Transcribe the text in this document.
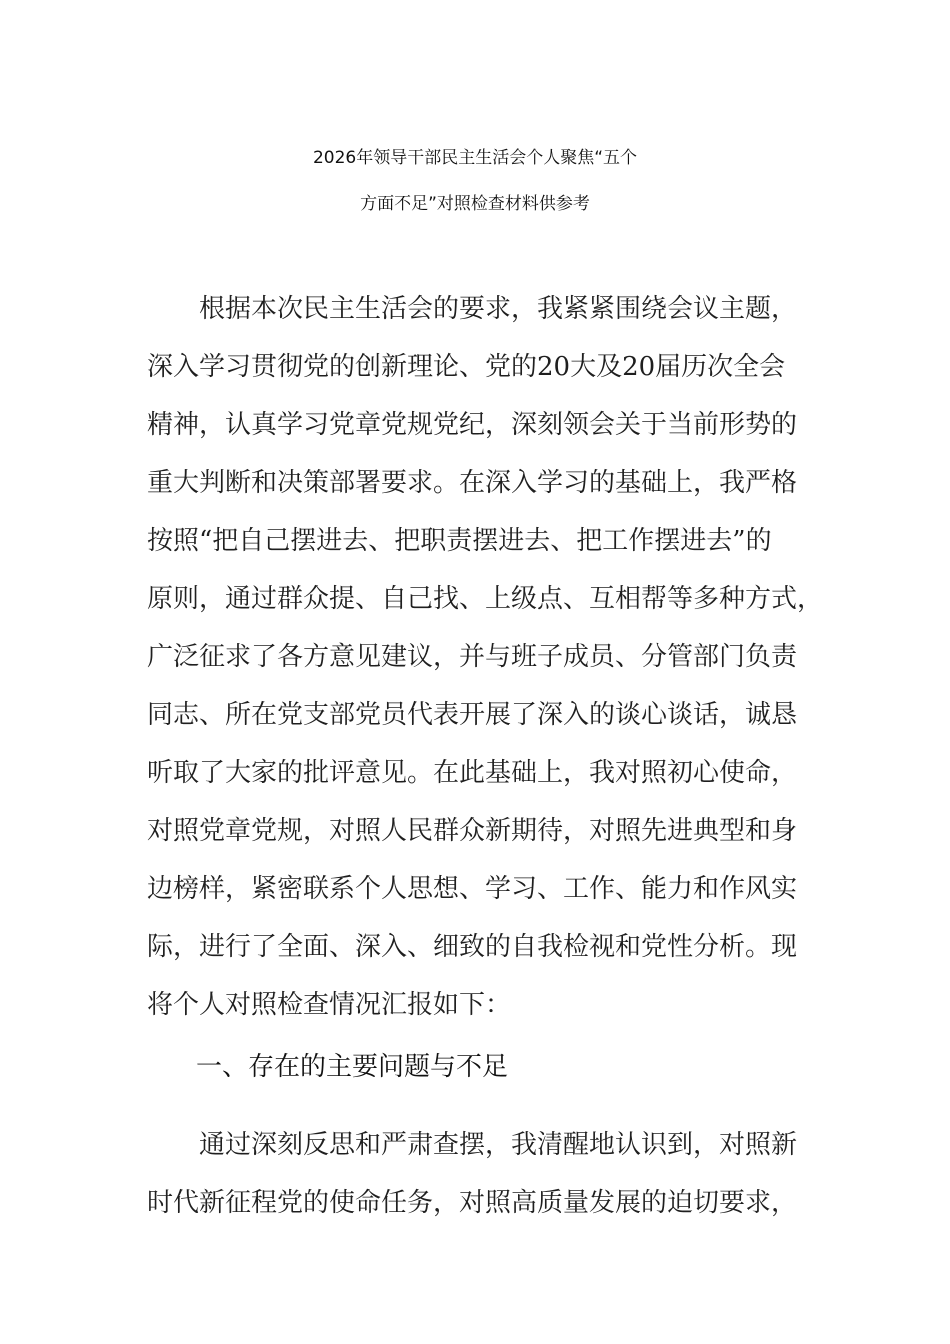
2026年领导干部民主生活会个人聚焦“五个
方面不足”对照检查材料供参考
根据本次民主生活会的要求，我紧紧围绕会议主题，
深入学习贯彻党的创新理论、党的20大及20届历次全会
精神，认真学习党章党规党纪，深刻领会关于当前形势的
重大判断和决策部署要求。在深入学习的基础上，我严格
按照“把自己摆进去、把职责摆进去、把工作摆进去”的
原则，通过群众提、自己找、上级点、互相帮等多种方式，
广泛征求了各方意见建议，并与班子成员、分管部门负责
同志、所在党支部党员代表开展了深入的谈心谈话，诚恳
听取了大家的批评意见。在此基础上，我对照初心使命，
对照党章党规，对照人民群众新期待，对照先进典型和身
边榜样，紧密联系个人思想、学习、工作、能力和作风实
际，进行了全面、深入、细致的自我检视和党性分析。现
将个人对照检查情况汇报如下：
一、存在的主要问题与不足
通过深刻反思和严肃查摆，我清醒地认识到，对照新
时代新征程党的使命任务，对照高质量发展的迫切要求，
